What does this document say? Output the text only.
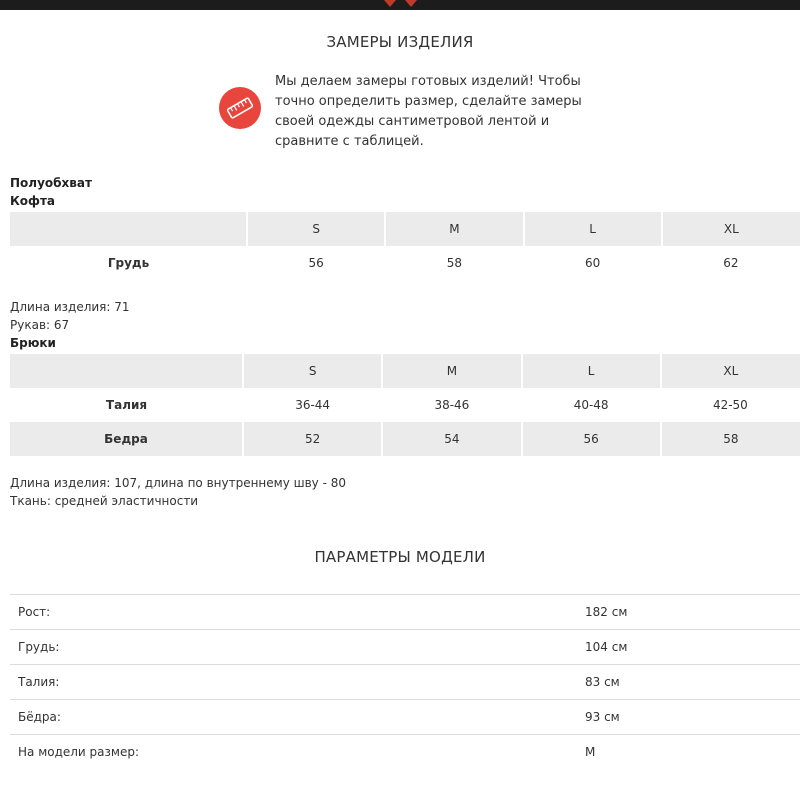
ЗАМЕРЫ ИЗДЕЛИЯ
Мы делаем замеры готовых изделий! Чтобы точно определить размер, сделайте замеры своей одежды сантиметровой лентой и сравните с таблицей.
Полуобхват
Кофта
	S	M	L	XL
Грудь	56	58	60	62
Длина изделия: 71
Рукав: 67
Брюки
	S	M	L	XL
Талия	36-44	38-46	40-48	42-50
Бедра	52	54	56	58
Длина изделия: 107, длина по внутреннему шву - 80
Ткань: средней эластичности
ПАРАМЕТРЫ МОДЕЛИ
Рост:	182 см
Грудь:	104 см
Талия:	83 см
Бёдра:	93 см
На модели размер:	M
